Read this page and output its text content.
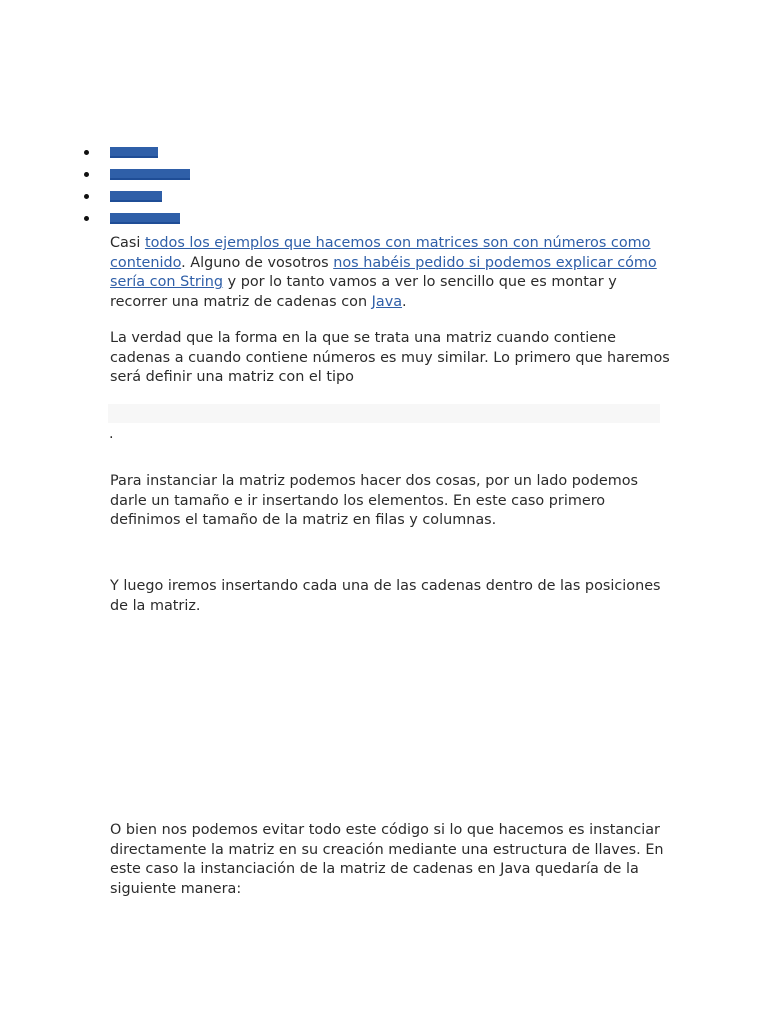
Casi todos los ejemplos que hacemos con matrices son con números como contenido. Alguno de vosotros nos habéis pedido si podemos explicar cómo sería con String y por lo tanto vamos a ver lo sencillo que es montar y recorrer una matriz de cadenas con Java.

La verdad que la forma en la que se trata una matriz cuando contiene cadenas a cuando contiene números es muy similar. Lo primero que haremos será definir una matriz con el tipo

.

Para instanciar la matriz podemos hacer dos cosas, por un lado podemos darle un tamaño e ir insertando los elementos. En este caso primero definimos el tamaño de la matriz en filas y columnas.

Y luego iremos insertando cada una de las cadenas dentro de las posiciones de la matriz.

O bien nos podemos evitar todo este código si lo que hacemos es instanciar directamente la matriz en su creación mediante una estructura de llaves. En este caso la instanciación de la matriz de cadenas en Java quedaría de la siguiente manera:
